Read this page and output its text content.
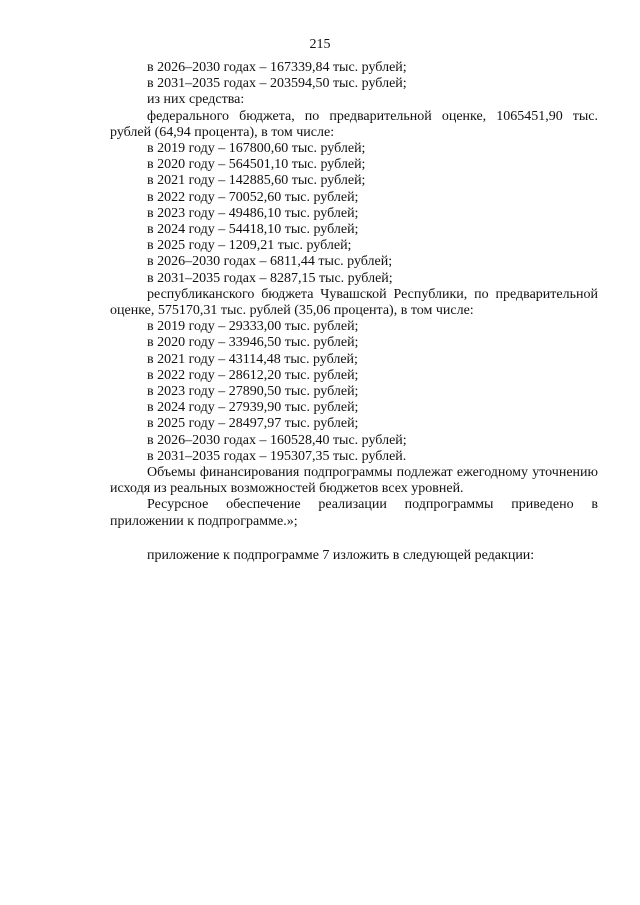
215
в 2026–2030 годах – 167339,84 тыс. рублей;
в 2031–2035 годах – 203594,50 тыс. рублей;
из них средства:

федерального бюджета, по предварительной оценке, 1065451,90 тыс. рублей (64,94 процента), в том числе:

в 2019 году – 167800,60 тыс. рублей;
в 2020 году – 564501,10 тыс. рублей;
в 2021 году – 142885,60 тыс. рублей;
в 2022 году – 70052,60 тыс. рублей;
в 2023 году – 49486,10 тыс. рублей;
в 2024 году – 54418,10 тыс. рублей;
в 2025 году – 1209,21 тыс. рублей;
в 2026–2030 годах – 6811,44 тыс. рублей;
в 2031–2035 годах – 8287,15 тыс. рублей;

республиканского бюджета Чувашской Республики, по предварительной оценке, 575170,31 тыс. рублей (35,06 процента), в том числе:

в 2019 году – 29333,00 тыс. рублей;
в 2020 году – 33946,50 тыс. рублей;
в 2021 году – 43114,48 тыс. рублей;
в 2022 году – 28612,20 тыс. рублей;
в 2023 году – 27890,50 тыс. рублей;
в 2024 году – 27939,90 тыс. рублей;
в 2025 году – 28497,97 тыс. рублей;
в 2026–2030 годах – 160528,40 тыс. рублей;
в 2031–2035 годах – 195307,35 тыс. рублей.

Объемы финансирования подпрограммы подлежат ежегодному уточнению исходя из реальных возможностей бюджетов всех уровней.

Ресурсное обеспечение реализации подпрограммы приведено в приложении к подпрограмме.»;

приложение к подпрограмме 7 изложить в следующей редакции:
